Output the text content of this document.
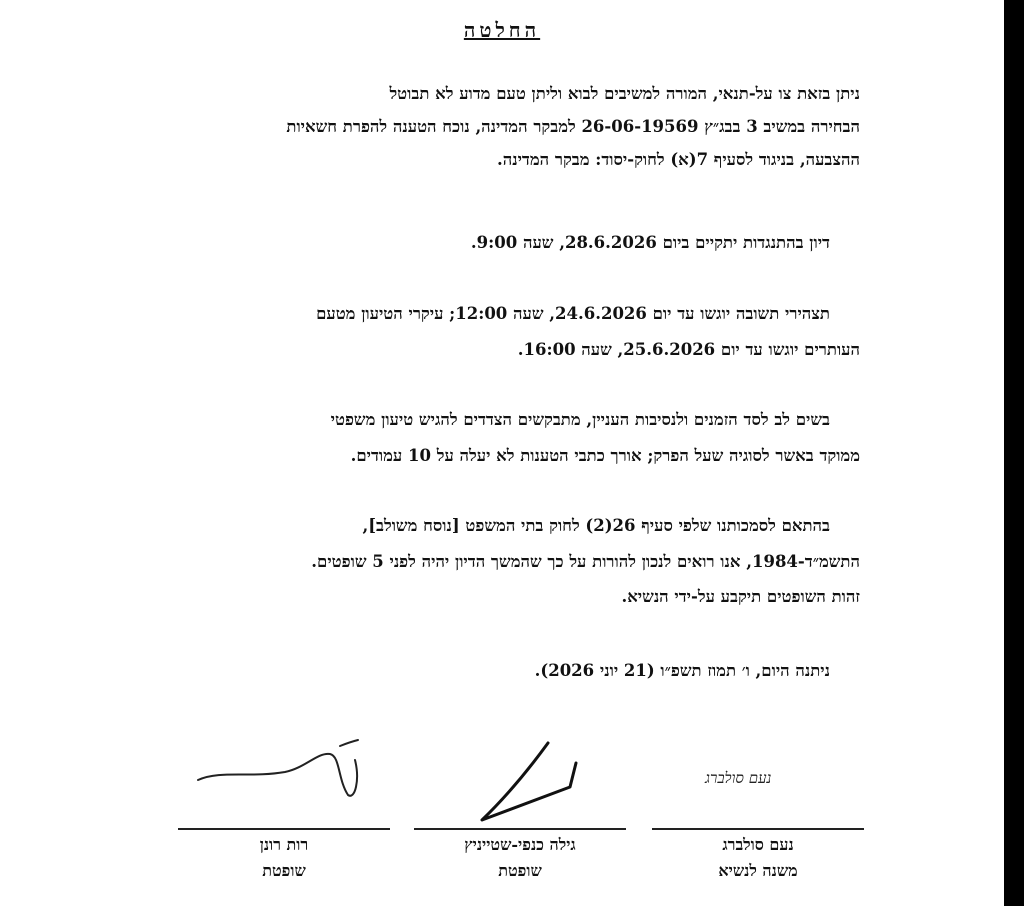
החלטה
ניתן בזאת צו על-תנאי, המורה למשיבים לבוא וליתן טעם מדוע לא תבוטל
הבחירה במשיב 3 בבג״ץ 26-06-19569 למבקר המדינה, נוכח הטענה להפרת חשאיות
ההצבעה, בניגוד לסעיף 7(א) לחוק-יסוד: מבקר המדינה.
דיון בהתנגדות יתקיים ביום 28.6.2026, שעה 9:00.
תצהירי תשובה יוגשו עד יום 24.6.2026, שעה 12:00; עיקרי הטיעון מטעם
העותרים יוגשו עד יום 25.6.2026, שעה 16:00.
בשים לב לסד הזמנים ולנסיבות העניין, מתבקשים הצדדים להגיש טיעון משפטי
ממוקד באשר לסוגיה שעל הפרק; אורך כתבי הטענות לא יעלה על 10 עמודים.
בהתאם לסמכותנו שלפי סעיף 26(2) לחוק בתי המשפט [נוסח משולב],
התשמ״ד-1984, אנו רואים לנכון להורות על כך שהמשך הדיון יהיה לפני 5 שופטים.
זהות השופטים תיקבע על-ידי הנשיא.
ניתנה היום, ו׳ תמוז תשפ״ו (21 יוני 2026).
נעם סולברג
נעם סולברג
משנה לנשיא
גילה כנפי-שטייניץ
שופטת
רות רונן
שופטת
